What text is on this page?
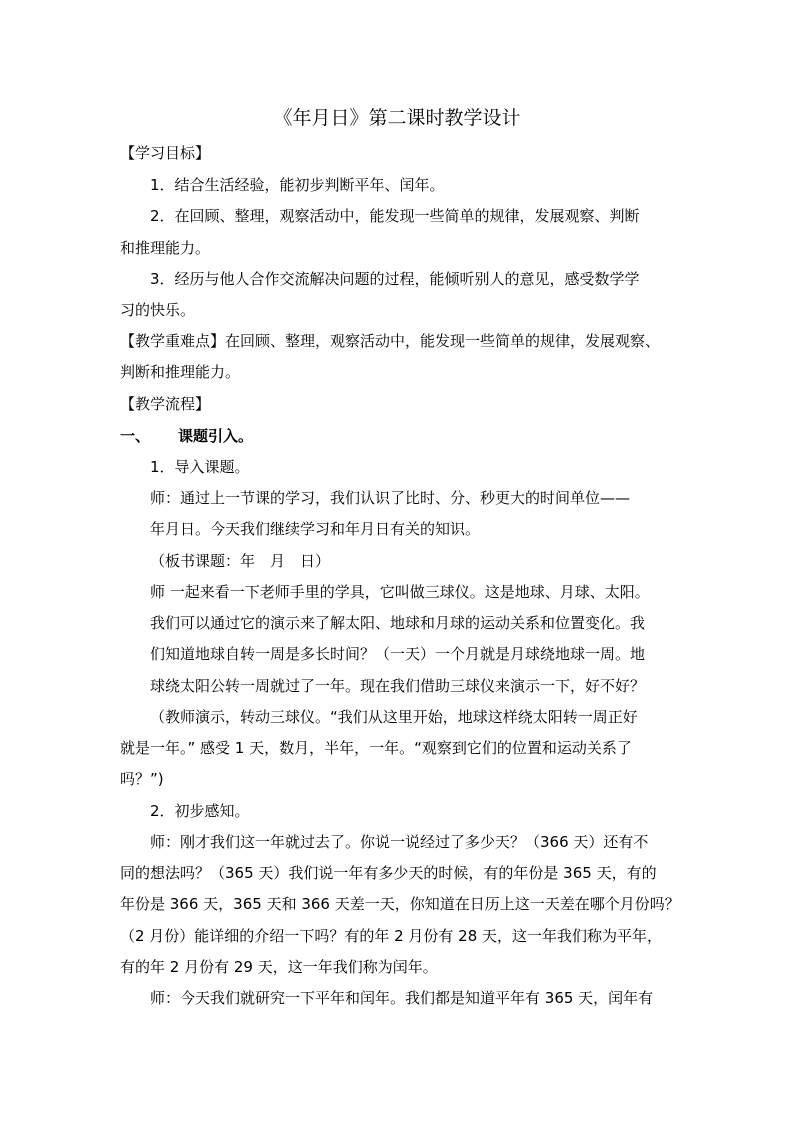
《年月日》第二课时教学设计
【学习目标】
1．结合生活经验，能初步判断平年、闰年。
2．在回顾、整理，观察活动中，能发现一些简单的规律，发展观察、判断
和推理能力。
3．经历与他人合作交流解决问题的过程，能倾听别人的意见，感受数学学
习的快乐。
【教学重难点】在回顾、整理，观察活动中，能发现一些简单的规律，发展观察、
判断和推理能力。
【教学流程】
一、 课题引入。
1．导入课题。
师：通过上一节课的学习，我们认识了比时、分、秒更大的时间单位——
年月日。今天我们继续学习和年月日有关的知识。
（板书课题：年　月　日）
师 一起来看一下老师手里的学具，它叫做三球仪。这是地球、月球、太阳。
我们可以通过它的演示来了解太阳、地球和月球的运动关系和位置变化。我
们知道地球自转一周是多长时间？（一天）一个月就是月球绕地球一周。地
球绕太阳公转一周就过了一年。现在我们借助三球仪来演示一下，好不好？
（教师演示，转动三球仪。“我们从这里开始，地球这样绕太阳转一周正好
就是一年。” 感受 1 天，数月，半年，一年。“观察到它们的位置和运动关系了
吗？”)
2．初步感知。
师：刚才我们这一年就过去了。你说一说经过了多少天？（366 天）还有不
同的想法吗？（365 天）我们说一年有多少天的时候，有的年份是 365 天，有的
年份是 366 天，365 天和 366 天差一天，你知道在日历上这一天差在哪个月份吗？
（2 月份）能详细的介绍一下吗？有的年 2 月份有 28 天，这一年我们称为平年，
有的年 2 月份有 29 天，这一年我们称为闰年。
师：今天我们就研究一下平年和闰年。我们都是知道平年有 365 天，闰年有
